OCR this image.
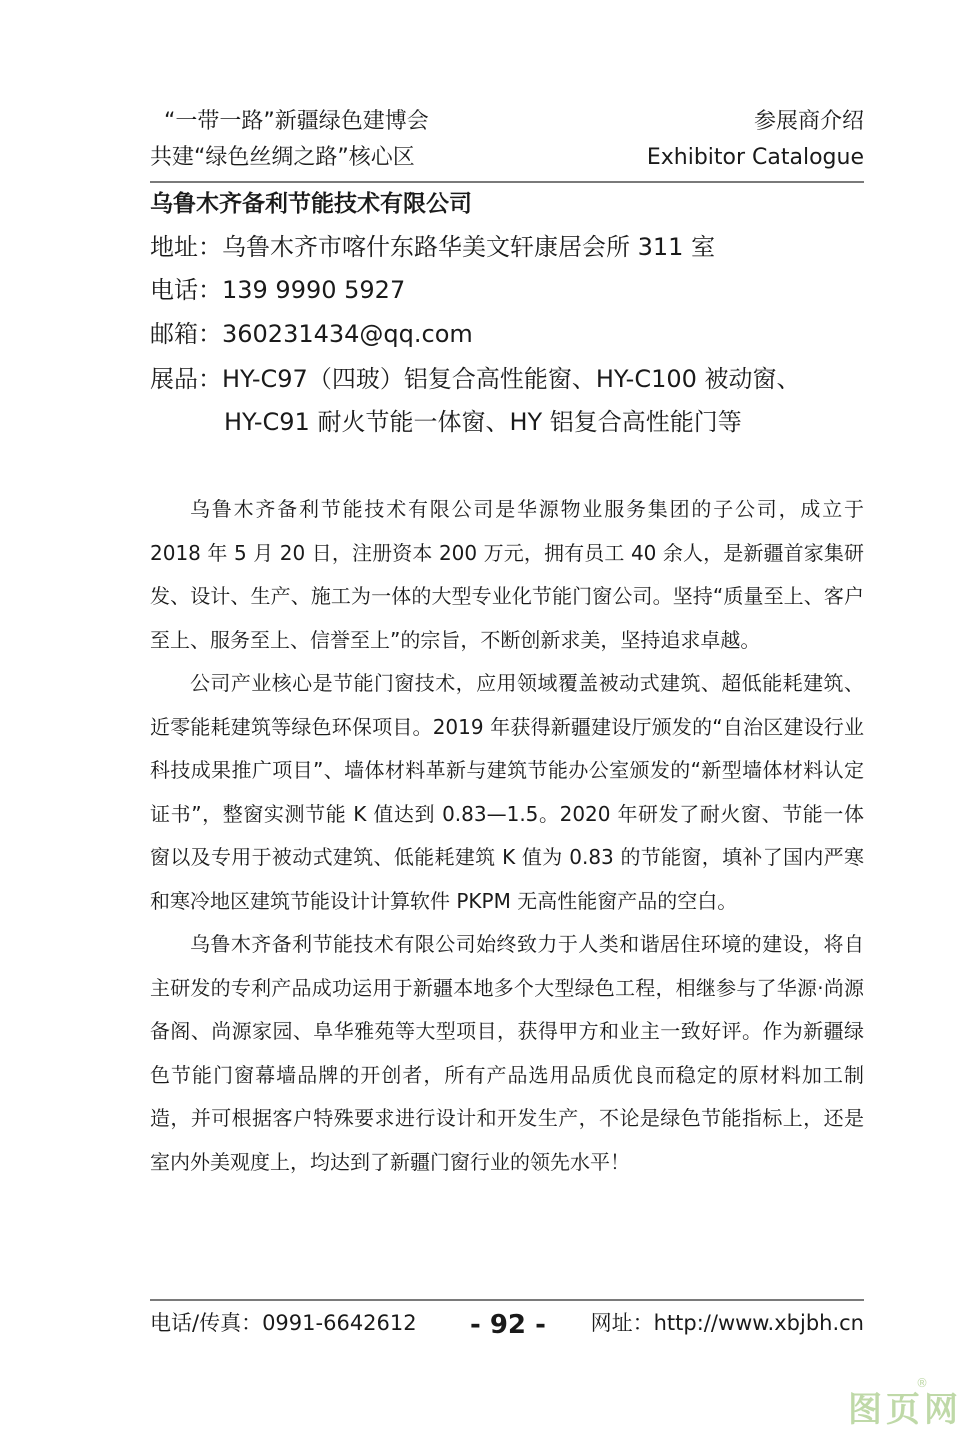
“一带一路”新疆绿色建博会
共建“绿色丝绸之路”核心区
参展商介绍
Exhibitor Catalogue
乌鲁木齐备利节能技术有限公司
地址：乌鲁木齐市喀什东路华美文轩康居会所 311 室
电话：139 9990 5927
邮箱：360231434@qq.com
展品：HY-C97（四玻）铝复合高性能窗、HY-C100 被动窗、
HY-C91 耐火节能一体窗、HY 铝复合高性能门等

乌鲁木齐备利节能技术有限公司是华源物业服务集团的子公司，成立于 2018 年 5 月 20 日，注册资本 200 万元，拥有员工 40 余人，是新疆首家集研发、设计、生产、施工为一体的大型专业化节能门窗公司。坚持“质量至上、客户至上、服务至上、信誉至上”的宗旨，不断创新求美，坚持追求卓越。

公司产业核心是节能门窗技术，应用领域覆盖被动式建筑、超低能耗建筑、近零能耗建筑等绿色环保项目。2019 年获得新疆建设厅颁发的“自治区建设行业科技成果推广项目”、墙体材料革新与建筑节能办公室颁发的“新型墙体材料认定证书”，整窗实测节能 K 值达到 0.83—1.5。2020 年研发了耐火窗、节能一体窗以及专用于被动式建筑、低能耗建筑 K 值为 0.83 的节能窗，填补了国内严寒和寒冷地区建筑节能设计计算软件 PKPM 无高性能窗产品的空白。

乌鲁木齐备利节能技术有限公司始终致力于人类和谐居住环境的建设，将自主研发的专利产品成功运用于新疆本地多个大型绿色工程，相继参与了华源·尚源备阁、尚源家园、阜华雅苑等大型项目，获得甲方和业主一致好评。作为新疆绿色节能门窗幕墙品牌的开创者，所有产品选用品质优良而稳定的原材料加工制造，并可根据客户特殊要求进行设计和开发生产，不论是绿色节能指标上，还是室内外美观度上，均达到了新疆门窗行业的领先水平！

电话/传真：0991-6642612 - 92 - 网址：http://www.xbjbh.cn
®
图页网
